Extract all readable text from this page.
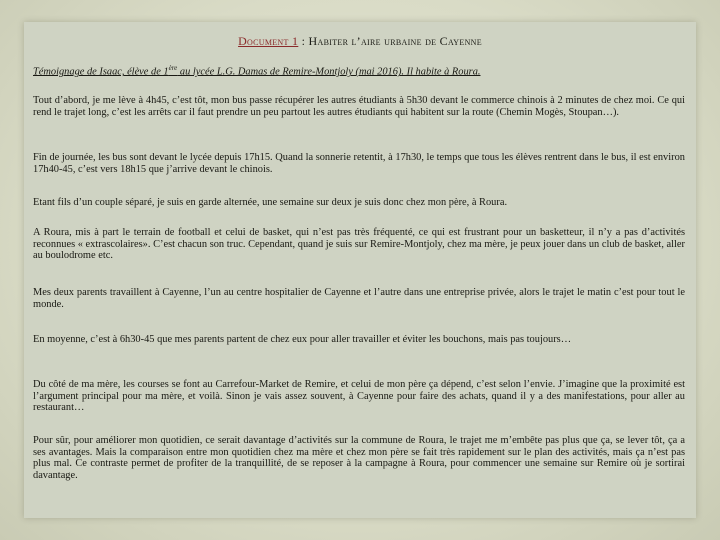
Document 1 : Habiter l’aire urbaine de Cayenne
Témoignage de Isaac, élève de 1ère au lycée L.G. Damas de Remire-Montjoly (mai 2016). Il habite à Roura.
Tout d’abord, je me lève à 4h45, c’est tôt, mon bus passe récupérer les autres étudiants à 5h30 devant le commerce chinois à 2 minutes de chez moi. Ce qui rend le trajet long, c’est les arrêts car il faut prendre un peu partout les autres étudiants qui habitent sur la route (Chemin Mogès, Stoupan…).
Fin de journée, les bus sont devant le lycée depuis 17h15. Quand la sonnerie retentit, à 17h30, le temps que tous les élèves rentrent dans le bus, il est environ 17h40-45, c’est vers 18h15 que j’arrive devant le chinois.
Etant fils d’un couple séparé, je suis en garde alternée, une semaine sur deux je suis donc chez mon père, à Roura.
A Roura, mis à part le terrain de football et celui de basket, qui n’est pas très fréquenté, ce qui est frustrant pour un basketteur, il n’y a pas d’activités reconnues « extrascolaires». C’est chacun son truc. Cependant, quand je suis sur Remire-Montjoly, chez ma mère, je peux jouer dans un club de basket, aller au boulodrome etc.
Mes deux parents travaillent à Cayenne, l’un au centre hospitalier de Cayenne et l’autre dans une entreprise privée, alors le trajet le matin c’est pour tout le monde.
En moyenne, c’est à 6h30-45 que mes parents partent de chez eux pour aller travailler et éviter les bouchons, mais pas toujours…
Du côté de ma mère, les courses se font au Carrefour-Market de Remire, et celui de mon père ça dépend, c’est selon l’envie. J’imagine que la proximité est l’argument principal pour ma mère, et voilà. Sinon je vais assez souvent, à Cayenne pour faire des achats, quand il y a des manifestations, pour aller au restaurant…
Pour sûr, pour améliorer mon quotidien, ce serait davantage d’activités sur la commune de Roura, le trajet me m’embête pas plus que ça, se lever tôt, ça a ses avantages. Mais la comparaison entre mon quotidien chez ma mère et chez mon père se fait très rapidement sur le plan des activités, mais ça n’est pas plus mal. Ce contraste permet de profiter de la tranquillité, de se reposer à la campagne à Roura, pour commencer une semaine sur Remire où je sortirai davantage.
